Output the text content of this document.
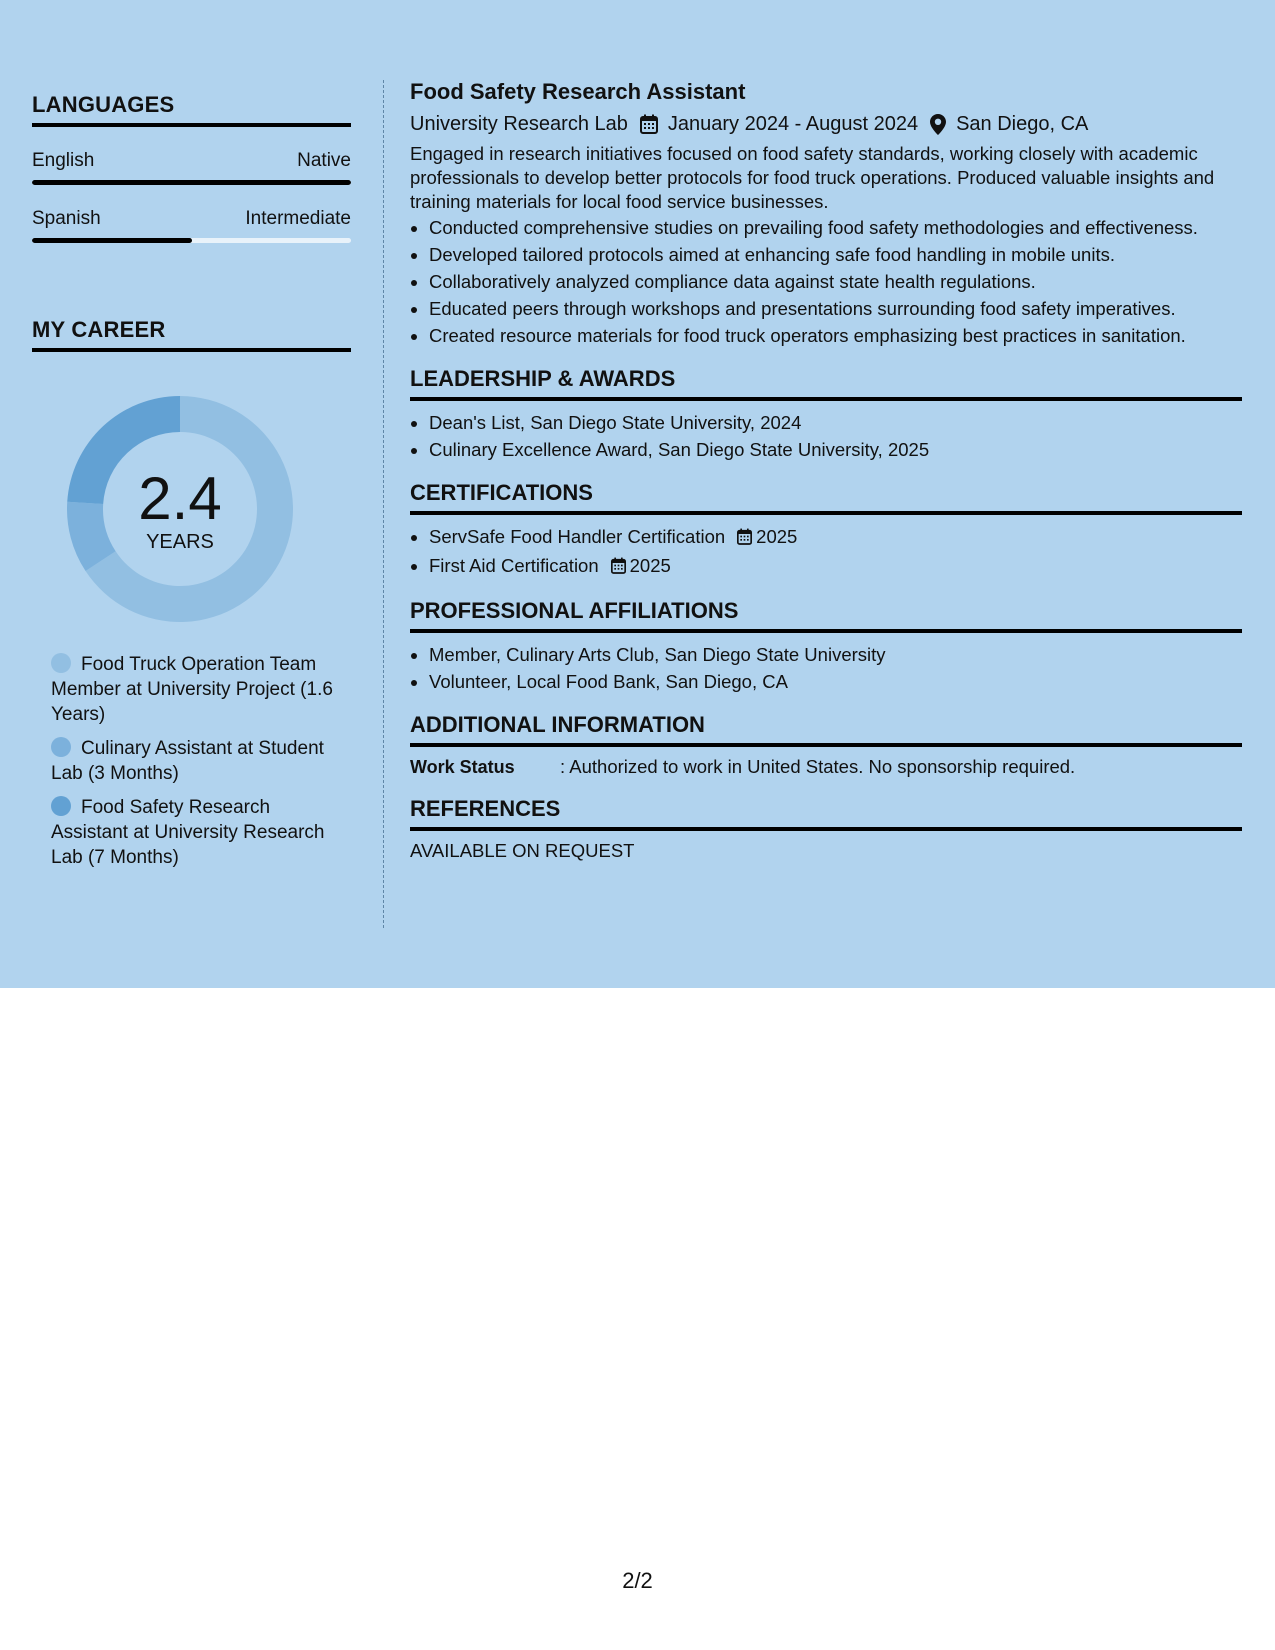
LANGUAGES
English	Native
Spanish	Intermediate
MY CAREER
2.4
YEARS
Food Truck Operation Team Member at University Project (1.6 Years)
Culinary Assistant at Student Lab (3 Months)
Food Safety Research Assistant at University Research Lab (7 Months)
Food Safety Research Assistant
University Research Lab January 2024 - August 2024 San Diego, CA
Engaged in research initiatives focused on food safety standards, working closely with academic professionals to develop better protocols for food truck operations. Produced valuable insights and training materials for local food service businesses.
• Conducted comprehensive studies on prevailing food safety methodologies and effectiveness.
• Developed tailored protocols aimed at enhancing safe food handling in mobile units.
• Collaboratively analyzed compliance data against state health regulations.
• Educated peers through workshops and presentations surrounding food safety imperatives.
• Created resource materials for food truck operators emphasizing best practices in sanitation.
LEADERSHIP & AWARDS
• Dean's List, San Diego State University, 2024
• Culinary Excellence Award, San Diego State University, 2025
CERTIFICATIONS
• ServSafe Food Handler Certification 2025
• First Aid Certification 2025
PROFESSIONAL AFFILIATIONS
• Member, Culinary Arts Club, San Diego State University
• Volunteer, Local Food Bank, San Diego, CA
ADDITIONAL INFORMATION
Work Status	: Authorized to work in United States. No sponsorship required.
REFERENCES
AVAILABLE ON REQUEST
2/2
